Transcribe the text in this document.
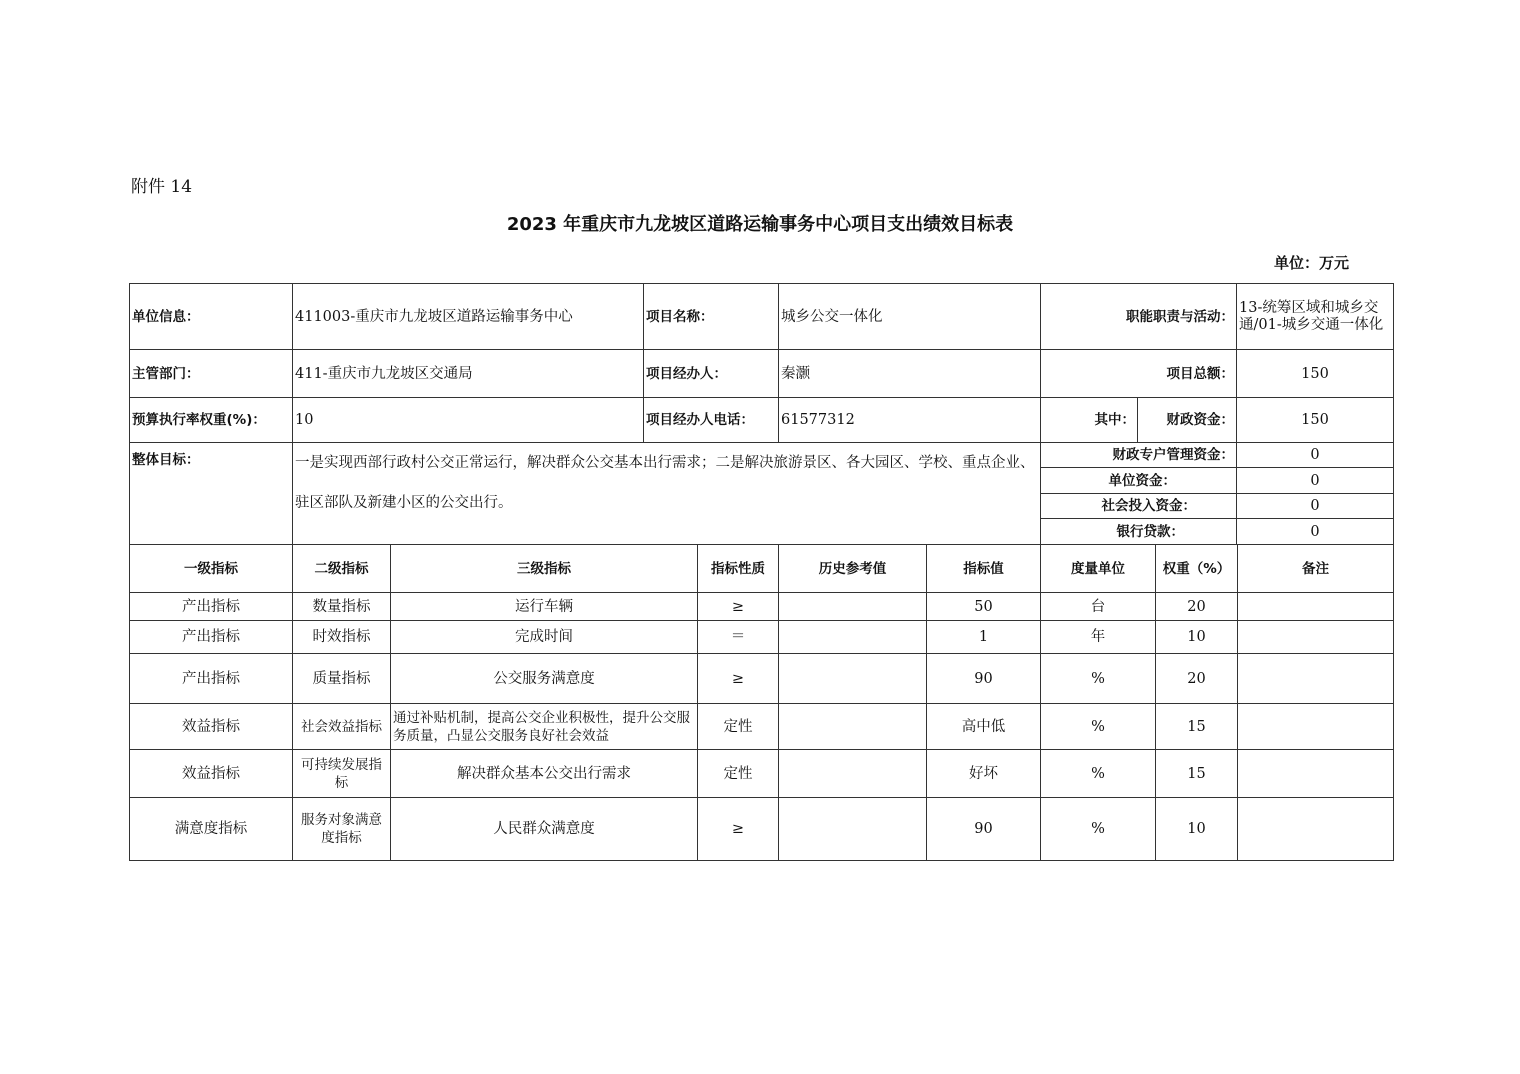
附件 14
2023 年重庆市九龙坡区道路运输事务中心项目支出绩效目标表
单位：万元
单位信息：	411003-重庆市九龙坡区道路运输事务中心	项目名称：	城乡公交一体化	职能职责与活动：		13-统筹区域和城乡交通/01-城乡交通一体化
主管部门：	411-重庆市九龙坡区交通局	项目经办人：	秦灏	项目总额：		150
预算执行率权重(%)：	10	项目经办人电话：	61577312	其中：	财政资金：	150
整体目标：	一是实现西部行政村公交正常运行，解决群众公交基本出行需求；二是解决旅游景区、各大园区、学校、重点企业、驻区部队及新建小区的公交出行。			财政专户管理资金：		0
				单位资金：		0
				社会投入资金：		0
				银行贷款：		0
一级指标	二级指标	三级指标	指标性质	历史参考值	指标值	度量单位	权重（%）	备注
产出指标	数量指标	运行车辆	≥		50	台	20	
产出指标	时效指标	完成时间	＝		1	年	10	
产出指标	质量指标	公交服务满意度	≥		90	%	20	
效益指标	社会效益指标	通过补贴机制，提高公交企业积极性，提升公交服务质量，凸显公交服务良好社会效益	定性		高中低	%	15	
效益指标	可持续发展指标	解决群众基本公交出行需求	定性		好坏	%	15	
满意度指标	服务对象满意度指标	人民群众满意度	≥		90	%	10	
